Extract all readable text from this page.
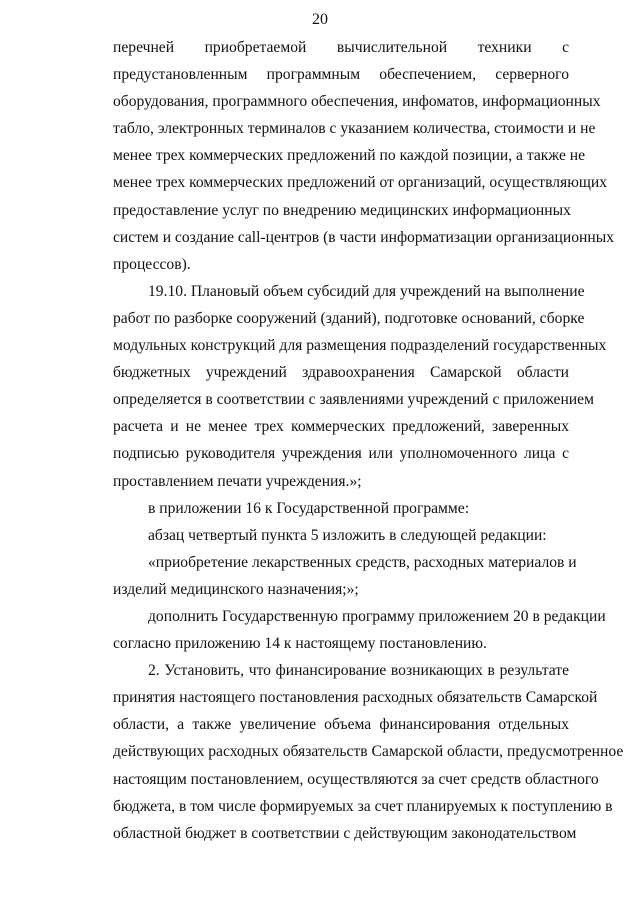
20
перечней приобретаемой вычислительной техники с
предустановленным программным обеспечением, серверного
оборудования, программного обеспечения, инфоматов, информационных
табло, электронных терминалов с указанием количества, стоимости и не
менее трех коммерческих предложений по каждой позиции, а также не
менее трех коммерческих предложений от организаций, осуществляющих
предоставление услуг по внедрению медицинских информационных
систем и создание call-центров (в части информатизации организационных
процессов).
19.10. Плановый объем субсидий для учреждений на выполнение
работ по разборке сооружений (зданий), подготовке оснований, сборке
модульных конструкций для размещения подразделений государственных
бюджетных учреждений здравоохранения Самарской области
определяется в соответствии с заявлениями учреждений с приложением
расчета и не менее трех коммерческих предложений, заверенных
подписью руководителя учреждения или уполномоченного лица с
проставлением печати учреждения.»;
в приложении 16 к Государственной программе:
абзац четвертый пункта 5 изложить в следующей редакции:
«приобретение лекарственных средств, расходных материалов и
изделий медицинского назначения;»;
дополнить Государственную программу приложением 20 в редакции
согласно приложению 14 к настоящему постановлению.
2. Установить, что финансирование возникающих в результате
принятия настоящего постановления расходных обязательств Самарской
области, а также увеличение объема финансирования отдельных
действующих расходных обязательств Самарской области, предусмотренное
настоящим постановлением, осуществляются за счет средств областного
бюджета, в том числе формируемых за счет планируемых к поступлению в
областной бюджет в соответствии с действующим законодательством
